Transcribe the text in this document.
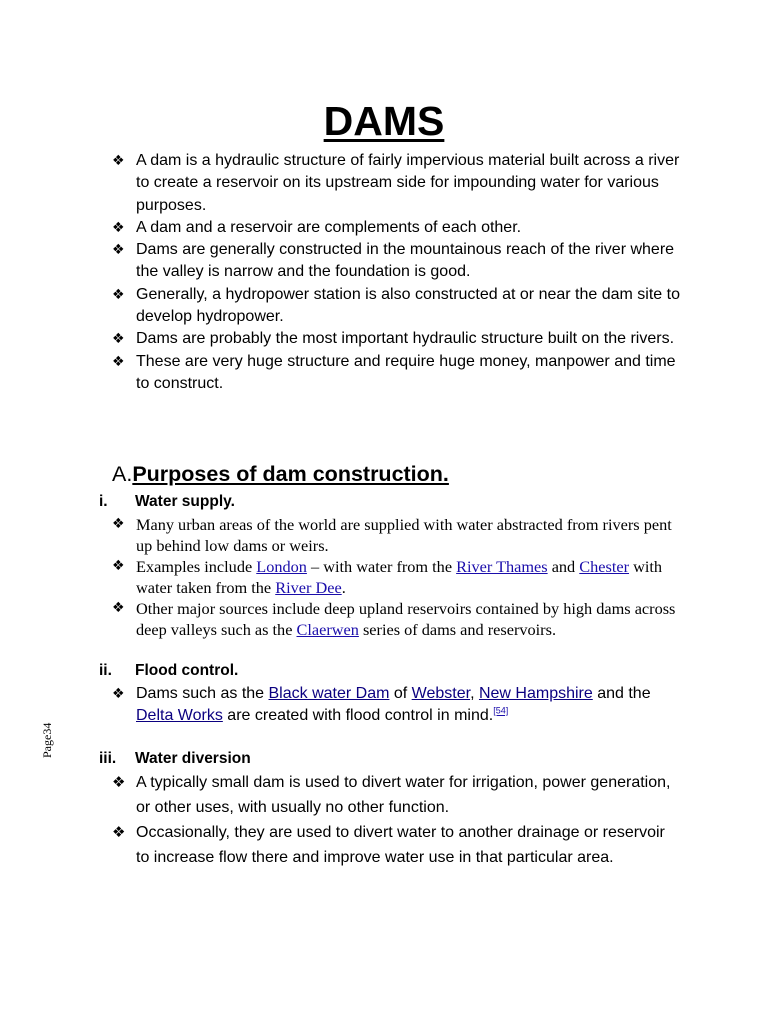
DAMS
❖ A dam is a hydraulic structure of fairly impervious material built across a river to create a reservoir on its upstream side for impounding water for various purposes.
❖ A dam and a reservoir are complements of each other.
❖ Dams are generally constructed in the mountainous reach of the river where the valley is narrow and the foundation is good.
❖ Generally, a hydropower station is also constructed at or near the dam site to develop hydropower.
❖ Dams are probably the most important hydraulic structure built on the rivers.
❖ These are very huge structure and require huge money, manpower and time to construct.
A.Purposes of dam construction.
i. Water supply.
❖ Many urban areas of the world are supplied with water abstracted from rivers pent up behind low dams or weirs.
❖ Examples include London – with water from the River Thames and Chester with water taken from the River Dee.
❖ Other major sources include deep upland reservoirs contained by high dams across deep valleys such as the Claerwen series of dams and reservoirs.
ii. Flood control.
❖ Dams such as the Black water Dam of Webster, New Hampshire and the Delta Works are created with flood control in mind.[54]
iii. Water diversion
❖ A typically small dam is used to divert water for irrigation, power generation, or other uses, with usually no other function.
❖ Occasionally, they are used to divert water to another drainage or reservoir to increase flow there and improve water use in that particular area.
Page34
